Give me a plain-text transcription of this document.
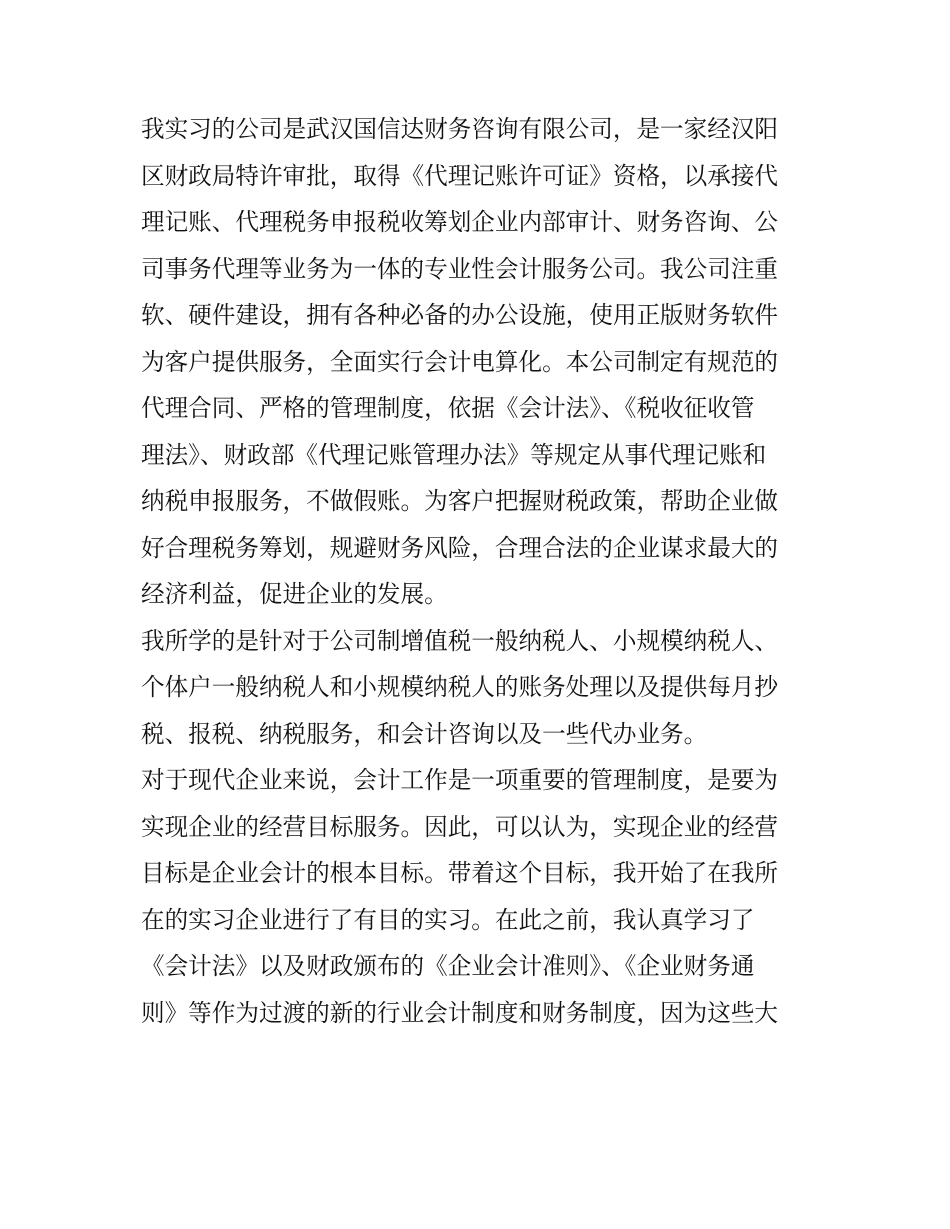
我实习的公司是武汉国信达财务咨询有限公司，是一家经汉阳
区财政局特许审批，取得《代理记账许可证》资格，以承接代
理记账、代理税务申报税收筹划企业内部审计、财务咨询、公
司事务代理等业务为一体的专业性会计服务公司。我公司注重
软、硬件建设，拥有各种必备的办公设施，使用正版财务软件
为客户提供服务，全面实行会计电算化。本公司制定有规范的
代理合同、严格的管理制度，依据《会计法》、《税收征收管
理法》、财政部《代理记账管理办法》等规定从事代理记账和
纳税申报服务，不做假账。为客户把握财税政策，帮助企业做
好合理税务筹划，规避财务风险，合理合法的企业谋求最大的
经济利益，促进企业的发展。
我所学的是针对于公司制增值税一般纳税人、小规模纳税人、
个体户一般纳税人和小规模纳税人的账务处理以及提供每月抄
税、报税、纳税服务，和会计咨询以及一些代办业务。
对于现代企业来说，会计工作是一项重要的管理制度，是要为
实现企业的经营目标服务。因此，可以认为，实现企业的经营
目标是企业会计的根本目标。带着这个目标，我开始了在我所
在的实习企业进行了有目的实习。在此之前，我认真学习了
《会计法》以及财政颁布的《企业会计准则》、《企业财务通
则》等作为过渡的新的行业会计制度和财务制度，因为这些大
